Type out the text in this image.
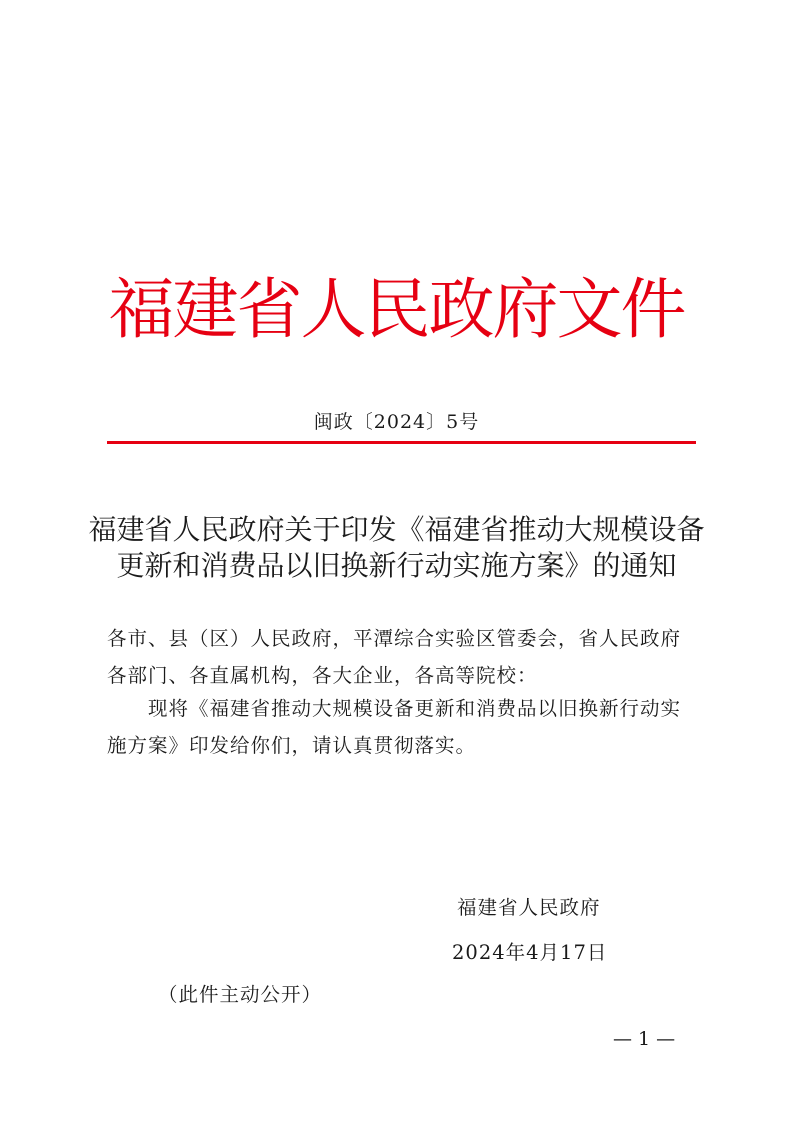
福建省人民政府文件
闽政〔2024〕5号
福建省人民政府关于印发《福建省推动大规模设备
更新和消费品以旧换新行动实施方案》的通知
各市、县（区）人民政府，平潭综合实验区管委会，省人民政府
各部门、各直属机构，各大企业，各高等院校：
现将《福建省推动大规模设备更新和消费品以旧换新行动实
施方案》印发给你们，请认真贯彻落实。
福建省人民政府
2024年4月17日
（此件主动公开）
— 1 —
